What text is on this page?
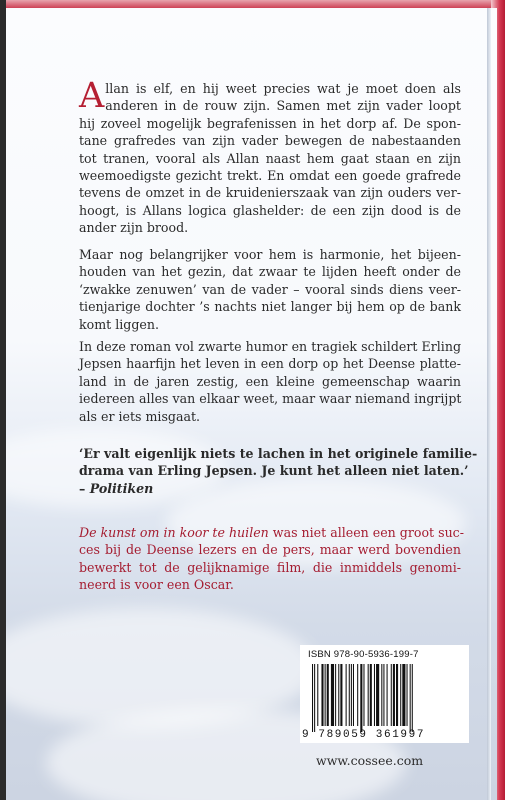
A llan is elf, en hij weet precies wat je moet doen als
anderen in de rouw zijn. Samen met zijn vader loopt
hij zoveel mogelijk begrafenissen in het dorp af. De spon-
tane grafredes van zijn vader bewegen de nabestaanden
tot tranen, vooral als Allan naast hem gaat staan en zijn
weemoedigste gezicht trekt. En omdat een goede grafrede
tevens de omzet in de kruidenierszaak van zijn ouders ver-
hoogt, is Allans logica glashelder: de een zijn dood is de
ander zijn brood.
Maar nog belangrijker voor hem is harmonie, het bijeen-
houden van het gezin, dat zwaar te lijden heeft onder de
‘zwakke zenuwen’ van de vader – vooral sinds diens veer-
tienjarige dochter ’s nachts niet langer bij hem op de bank
komt liggen.
In deze roman vol zwarte humor en tragiek schildert Erling
Jepsen haarfijn het leven in een dorp op het Deense platte-
land in de jaren zestig, een kleine gemeenschap waarin
iedereen alles van elkaar weet, maar waar niemand ingrijpt
als er iets misgaat.
‘Er valt eigenlijk niets te lachen in het originele familie-
drama van Erling Jepsen. Je kunt het alleen niet laten.’
– Politiken
De kunst om in koor te huilen was niet alleen een groot suc-
ces bij de Deense lezers en de pers, maar werd bovendien
bewerkt tot de gelijknamige film, die inmiddels genomi-
neerd is voor een Oscar.
ISBN 978-90-5936-199-7
9 789059 361997
www.cossee.com
